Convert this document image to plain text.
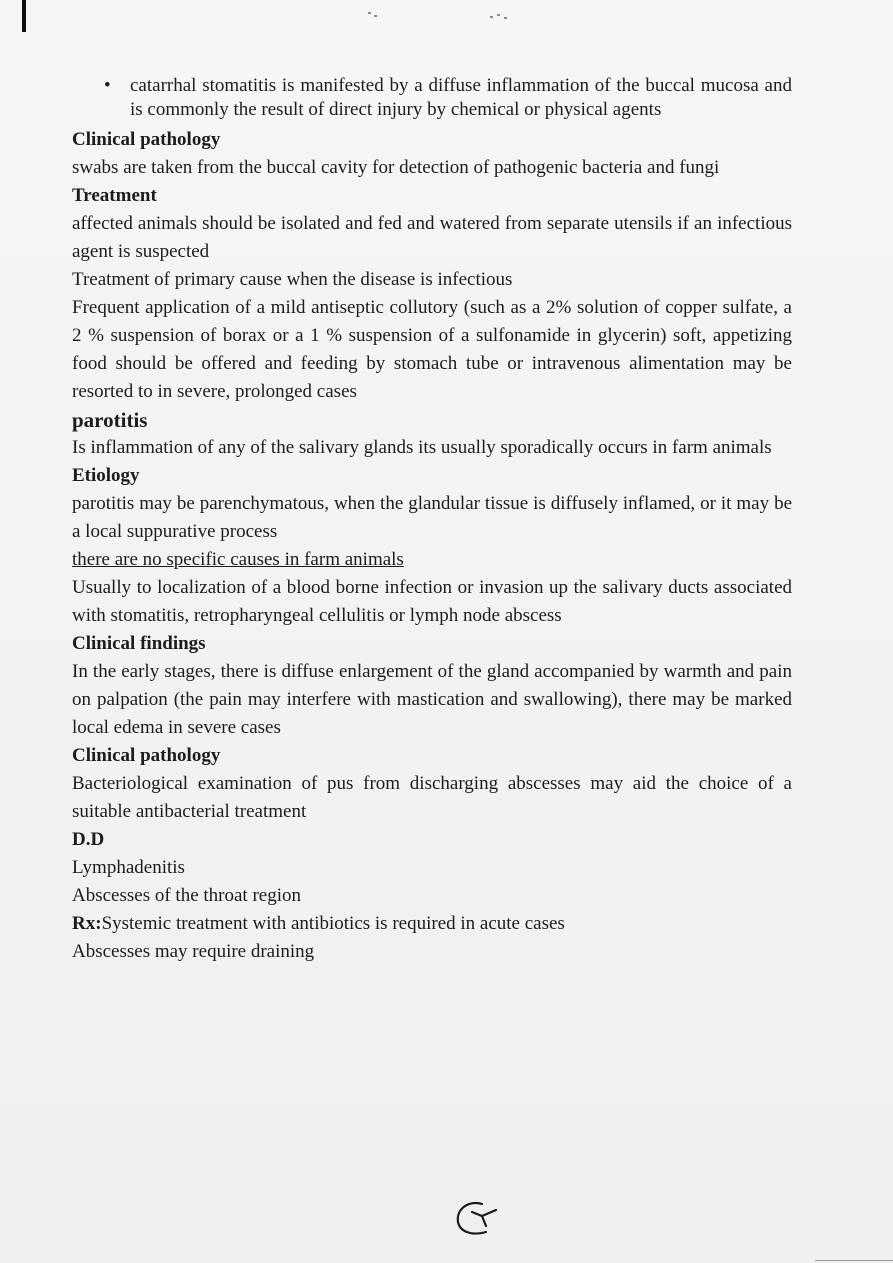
• catarrhal stomatitis is manifested by a diffuse inflammation of the buccal mucosa and is commonly the result of direct injury by chemical or physical agents
Clinical pathology

swabs are taken from the buccal cavity for detection of pathogenic bacteria and fungi

Treatment

affected animals should be isolated and fed and watered from separate utensils if an infectious agent is suspected

Treatment of primary cause when the disease is infectious

Frequent application of a mild antiseptic collutory (such as a 2% solution of copper sulfate, a 2 % suspension of borax or a 1 % suspension of a sulfonamide in glycerin) soft, appetizing food should be offered and feeding by stomach tube or intravenous alimentation may be resorted to in severe, prolonged cases

parotitis

Is inflammation of any of the salivary glands its usually sporadically occurs in farm animals

Etiology

parotitis may be parenchymatous, when the glandular tissue is diffusely inflamed, or it may be a local suppurative process

there are no specific causes in farm animals

Usually to localization of a blood borne infection or invasion up the salivary ducts associated with stomatitis, retropharyngeal cellulitis or lymph node abscess

Clinical findings

In the early stages, there is diffuse enlargement of the gland accompanied by warmth and pain on palpation (the pain may interfere with mastication and swallowing), there may be marked local edema in severe cases

Clinical pathology

Bacteriological examination of pus from discharging abscesses may aid the choice of a suitable antibacterial treatment

D.D

Lymphadenitis

Abscesses of the throat region

Rx:Systemic treatment with antibiotics is required in acute cases

Abscesses may require draining
